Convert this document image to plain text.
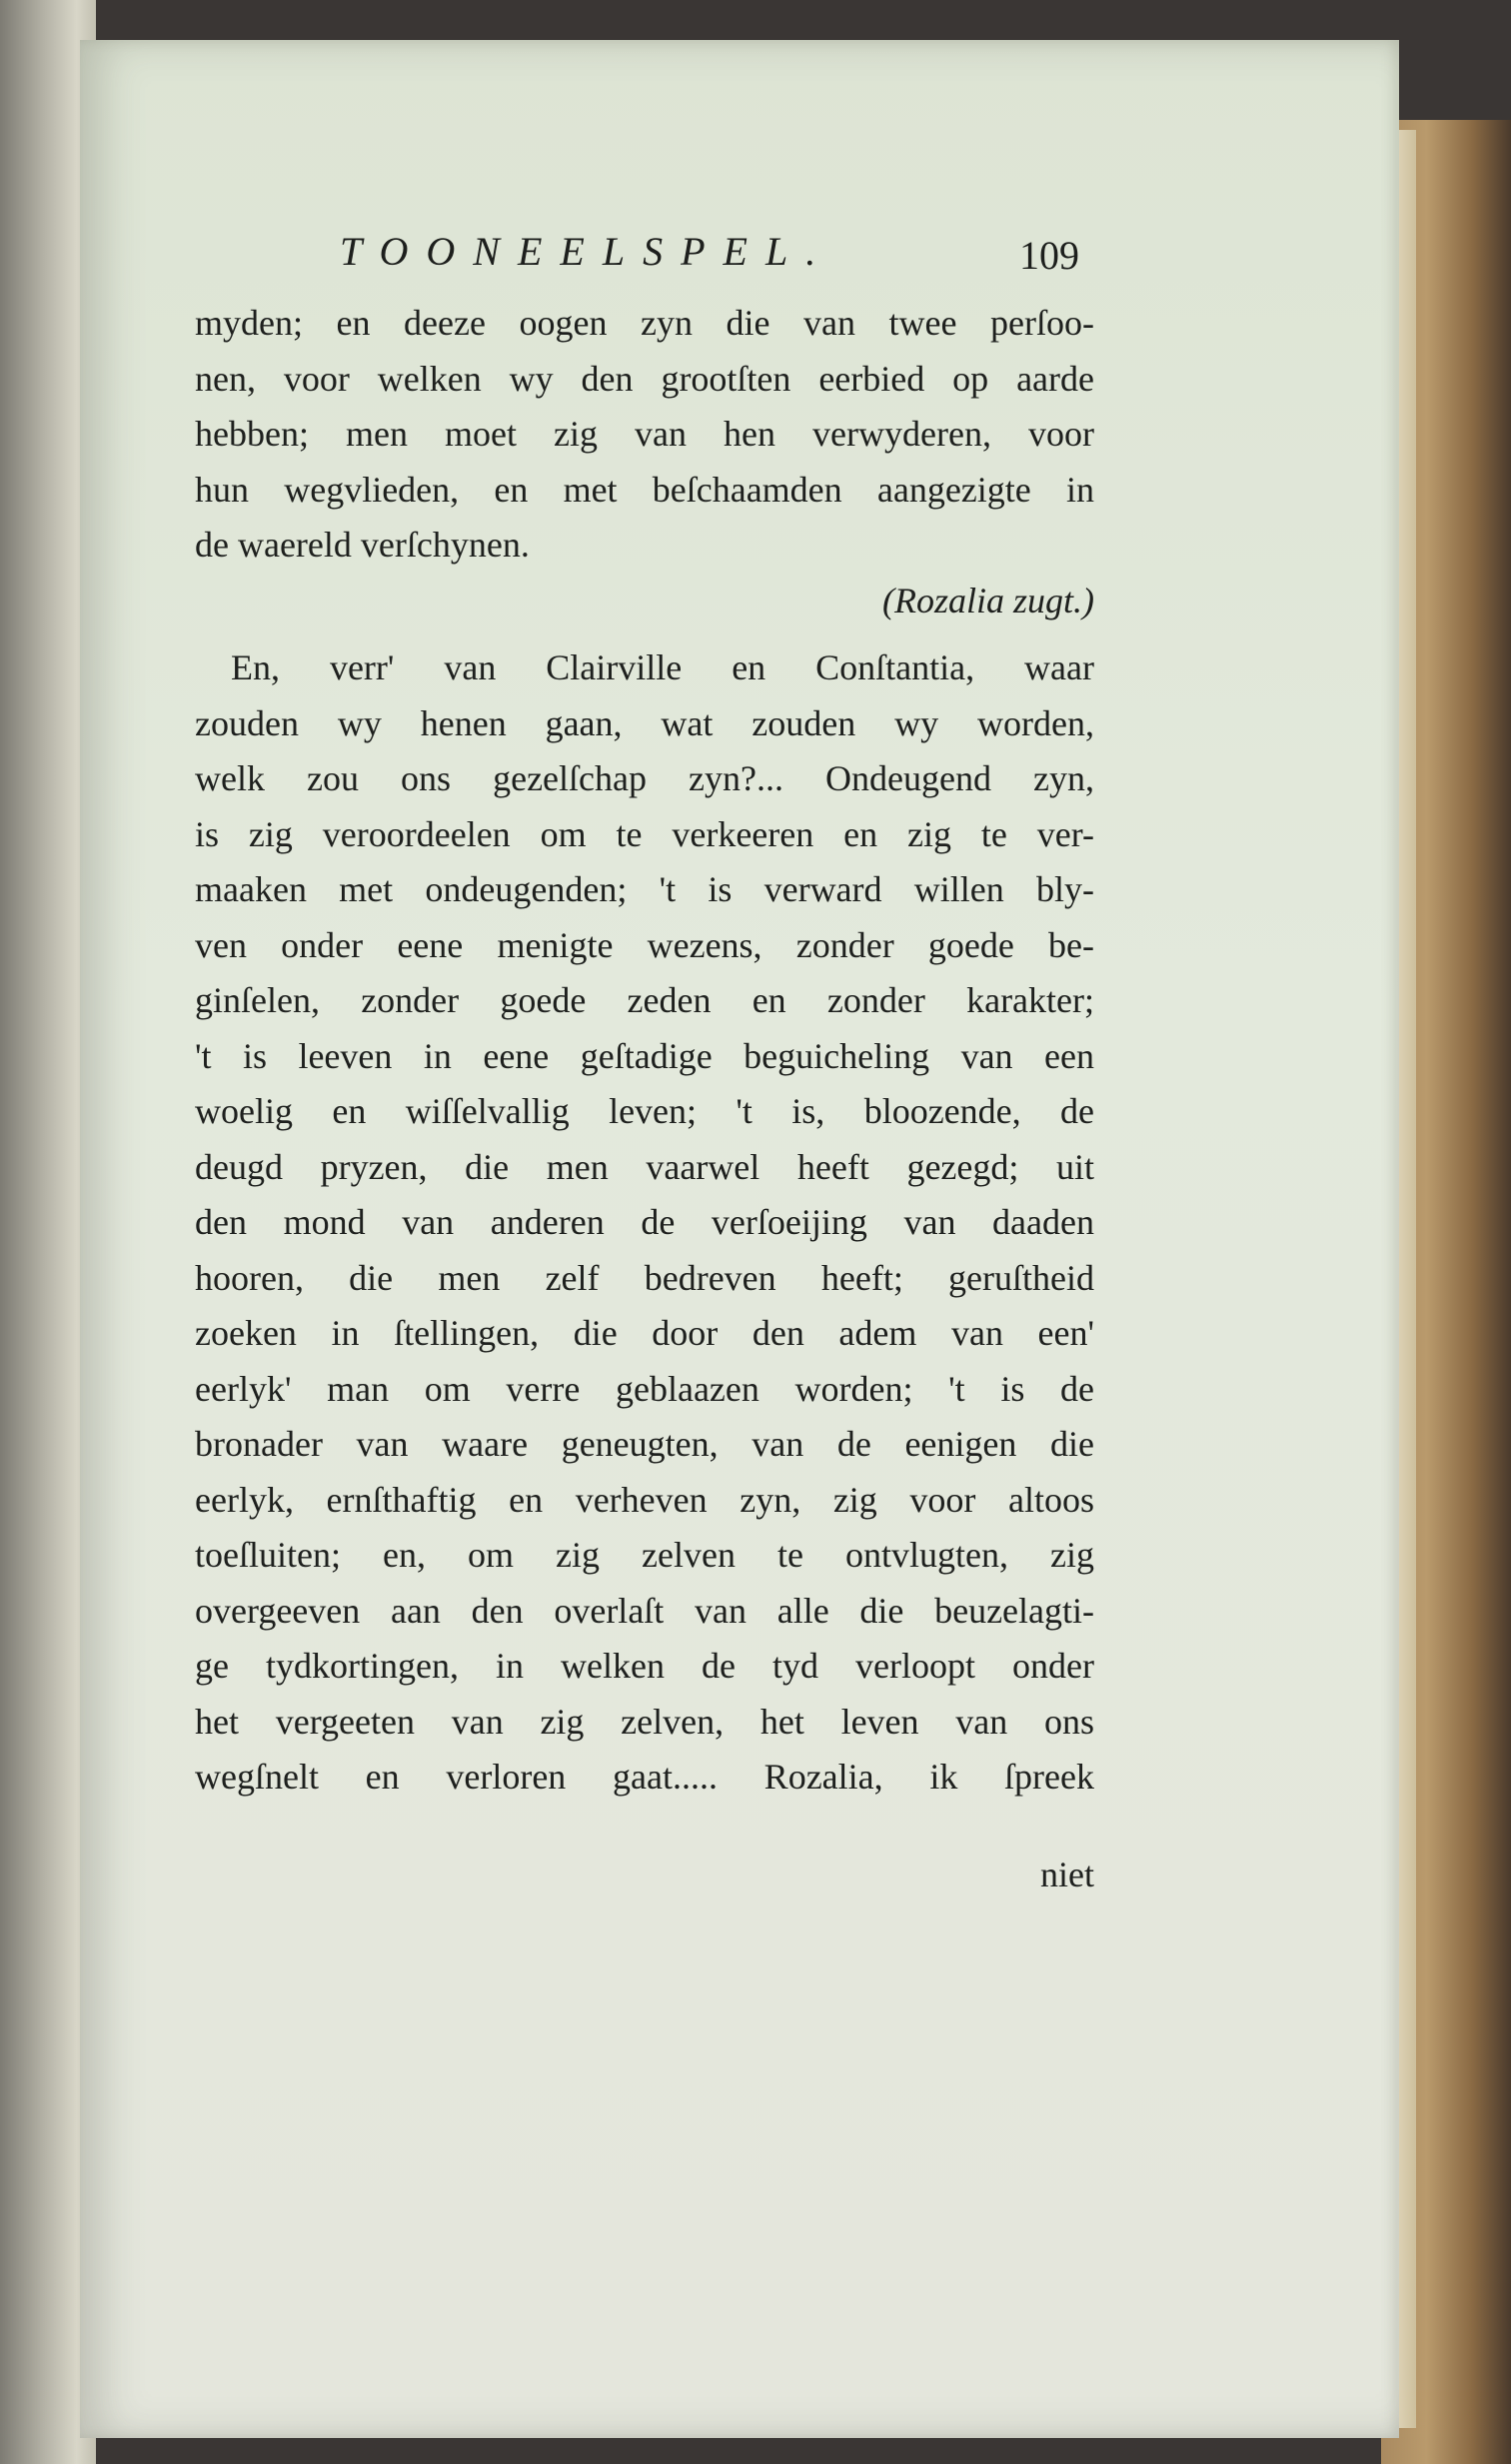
TOONEELSPEL.	109
myden; en deeze oogen zyn die van twee perſoo-
nen, voor welken wy den grootſten eerbied op aarde
hebben; men moet zig van hen verwyderen, voor
hun wegvlieden, en met beſchaamden aangezigte in
de waereld verſchynen.
(Rozalia zugt.)
En, verr' van Clairville en Conſtantia, waar
zouden wy henen gaan, wat zouden wy worden,
welk zou ons gezelſchap zyn?... Ondeugend zyn,
is zig veroordeelen om te verkeeren en zig te ver-
maaken met ondeugenden; 't is verward willen bly-
ven onder eene menigte wezens, zonder goede be-
ginſelen, zonder goede zeden en zonder karakter;
't is leeven in eene geſtadige beguicheling van een
woelig en wiſſelvallig leven; 't is, bloozende, de
deugd pryzen, die men vaarwel heeft gezegd; uit
den mond van anderen de verſoeijing van daaden
hooren, die men zelf bedreven heeft; geruſtheid
zoeken in ſtellingen, die door den adem van een'
eerlyk' man om verre geblaazen worden; 't is de
bronader van waare geneugten, van de eenigen die
eerlyk, ernſthaftig en verheven zyn, zig voor altoos
toeſluiten; en, om zig zelven te ontvlugten, zig
overgeeven aan den overlaſt van alle die beuzelagti-
ge tydkortingen, in welken de tyd verloopt onder
het vergeeten van zig zelven, het leven van ons
wegſnelt en verloren gaat..... Rozalia, ik ſpreek
niet
